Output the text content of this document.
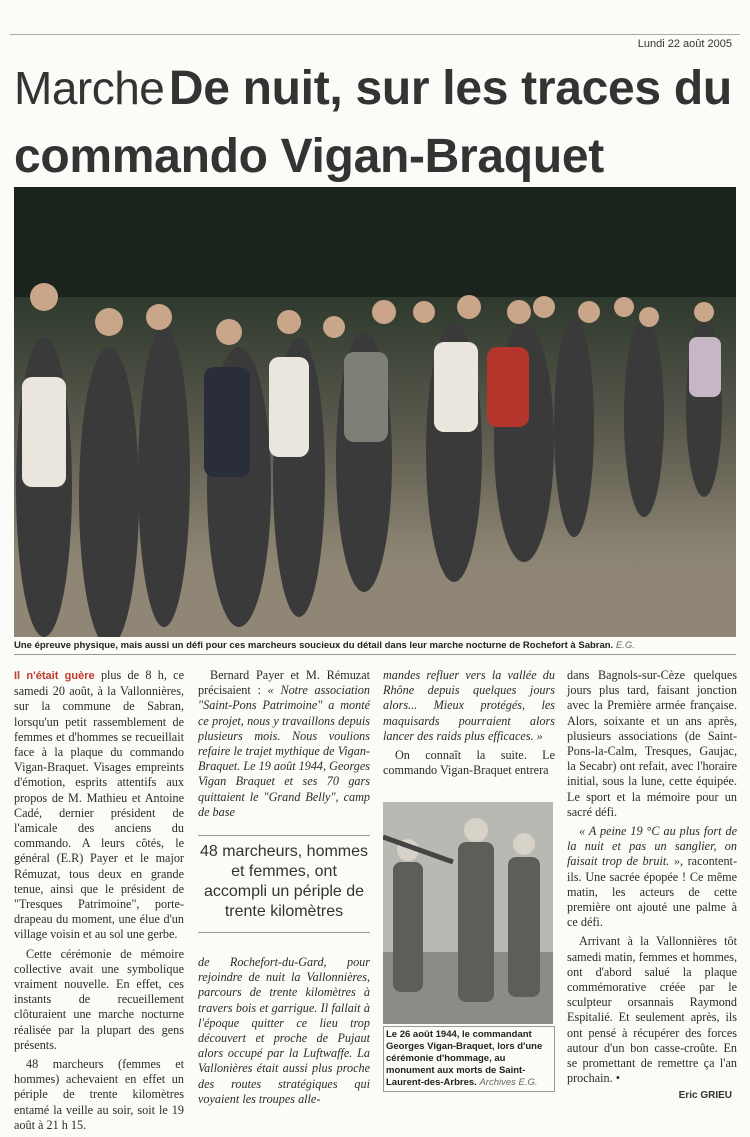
Lundi 22 août 2005
Marche De nuit, sur les traces du commando Vigan-Braquet
Une épreuve physique, mais aussi un défi pour ces marcheurs soucieux du détail dans leur marche nocturne de Rochefort à Sabran. E.G.

Il n'était guère plus de 8 h, ce samedi 20 août, à la Vallonnières, sur la commune de Sabran, lorsqu'un petit rassemblement de femmes et d'hommes se recueillait face à la plaque du commando Vigan-Braquet. Visages empreints d'émotion, esprits attentifs aux propos de M. Mathieu et Antoine Cadé, dernier président de l'amicale des anciens du commando. A leurs côtés, le général (E.R) Payer et le major Rémuzat, tous deux en grande tenue, ainsi que le président de "Tresques Patrimoine", porte-drapeau du moment, une élue d'un village voisin et au sol une gerbe.

Cette cérémonie de mémoire collective avait une symbolique vraiment nouvelle. En effet, ces instants de recueillement clôturaient une marche nocturne réalisée par la plupart des gens présents.

48 marcheurs (femmes et hommes) achevaient en effet un périple de trente kilomètres entamé la veille au soir, soit le 19 août à 21 h 15.

Bernard Payer et M. Rémuzat précisaient : « Notre association "Saint-Pons Patrimoine" a monté ce projet, nous y travaillons depuis plusieurs mois. Nous voulions refaire le trajet mythique de Vigan-Braquet. Le 19 août 1944, Georges Vigan Braquet et ses 70 gars quittaient le "Grand Belly", camp de base

48 marcheurs, hommes et femmes, ont accompli un périple de trente kilomètres

de Rochefort-du-Gard, pour rejoindre de nuit la Vallonnières, parcours de trente kilomètres à travers bois et garrigue. Il fallait à l'époque quitter ce lieu trop découvert et proche de Pujaut alors occupé par la Luftwaffe. La Vallonières était aussi plus proche des routes stratégiques qui voyaient les troupes alle-

mandes refluer vers la vallée du Rhône depuis quelques jours alors... Mieux protégés, les maquisards pourraient alors lancer des raids plus efficaces. »

On connaît la suite. Le commando Vigan-Braquet entrera

Le 26 août 1944, le commandant Georges Vigan-Braquet, lors d'une cérémonie d'hommage, au monument aux morts de Saint-Laurent-des-Arbres. Archives E.G.

dans Bagnols-sur-Cèze quelques jours plus tard, faisant jonction avec la Première armée française. Alors, soixante et un ans après, plusieurs associations (de Saint-Pons-la-Calm, Tresques, Gaujac, la Secabr) ont refait, avec l'horaire initial, sous la lune, cette équipée. Le sport et la mémoire pour un sacré défi.

« A peine 19 °C au plus fort de la nuit et pas un sanglier, on faisait trop de bruit. », racontent-ils. Une sacrée épopée ! Ce même matin, les acteurs de cette première ont ajouté une palme à ce défi.

Arrivant à la Vallonnières tôt samedi matin, femmes et hommes, ont d'abord salué la plaque commémorative créée par le sculpteur orsannais Raymond Espitalié. Et seulement après, ils ont pensé à récupérer des forces autour d'un bon casse-croûte. En se promettant de remettre ça l'an prochain. •

Eric GRIEU
